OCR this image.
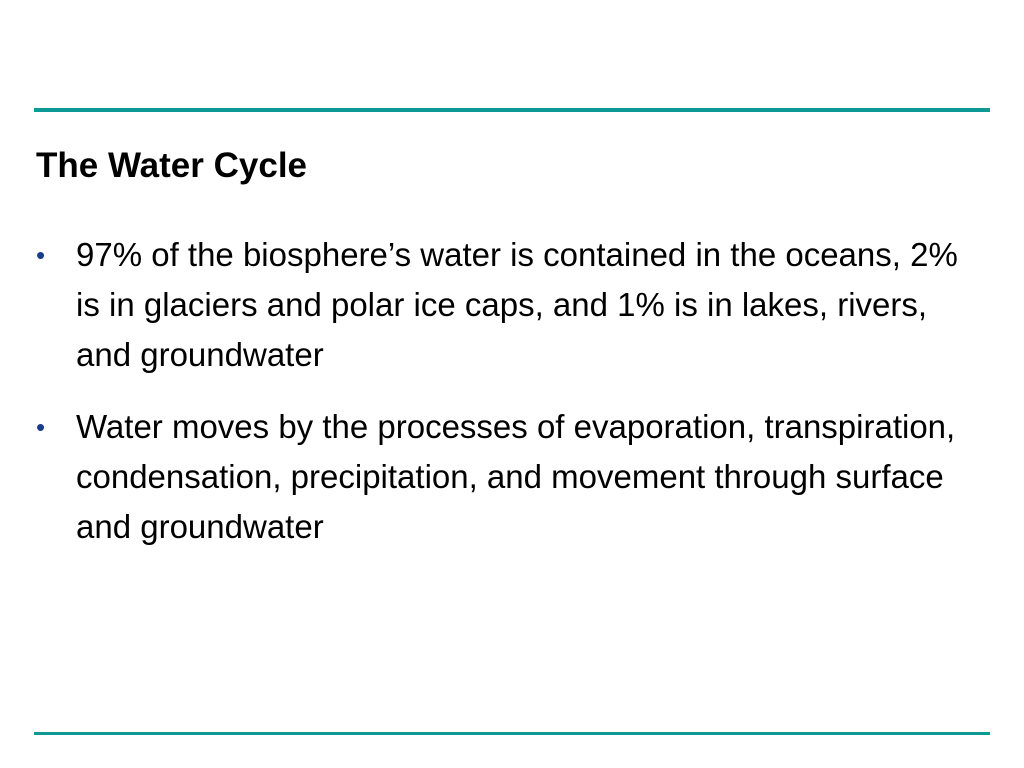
The Water Cycle
• 97% of the biosphere’s water is contained in the oceans, 2% is in glaciers and polar ice caps, and 1% is in lakes, rivers, and groundwater
• Water moves by the processes of evaporation, transpiration, condensation, precipitation, and movement through surface and groundwater
